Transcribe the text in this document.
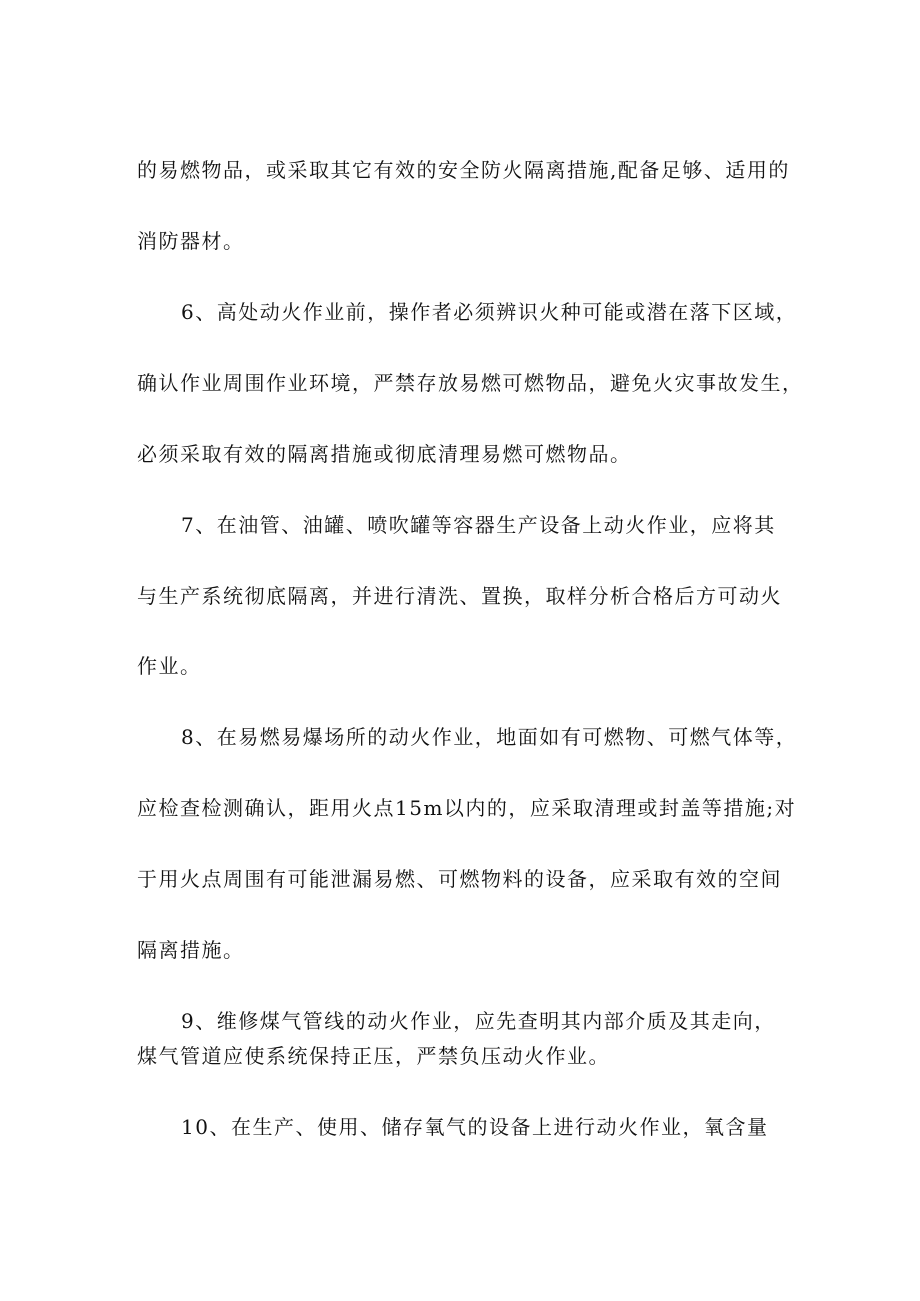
的易燃物品，或采取其它有效的安全防火隔离措施,配备足够、适用的
消防器材。
6、高处动火作业前，操作者必须辨识火种可能或潜在落下区域，
确认作业周围作业环境，严禁存放易燃可燃物品，避免火灾事故发生，
必须采取有效的隔离措施或彻底清理易燃可燃物品。
7、在油管、油罐、喷吹罐等容器生产设备上动火作业，应将其
与生产系统彻底隔离，并进行清洗、置换，取样分析合格后方可动火
作业。
8、在易燃易爆场所的动火作业，地面如有可燃物、可燃气体等，
应检查检测确认，距用火点15m以内的，应采取清理或封盖等措施;对
于用火点周围有可能泄漏易燃、可燃物料的设备，应采取有效的空间
隔离措施。
9、维修煤气管线的动火作业，应先查明其内部介质及其走向，
煤气管道应使系统保持正压，严禁负压动火作业。
10、在生产、使用、储存氧气的设备上进行动火作业，氧含量
